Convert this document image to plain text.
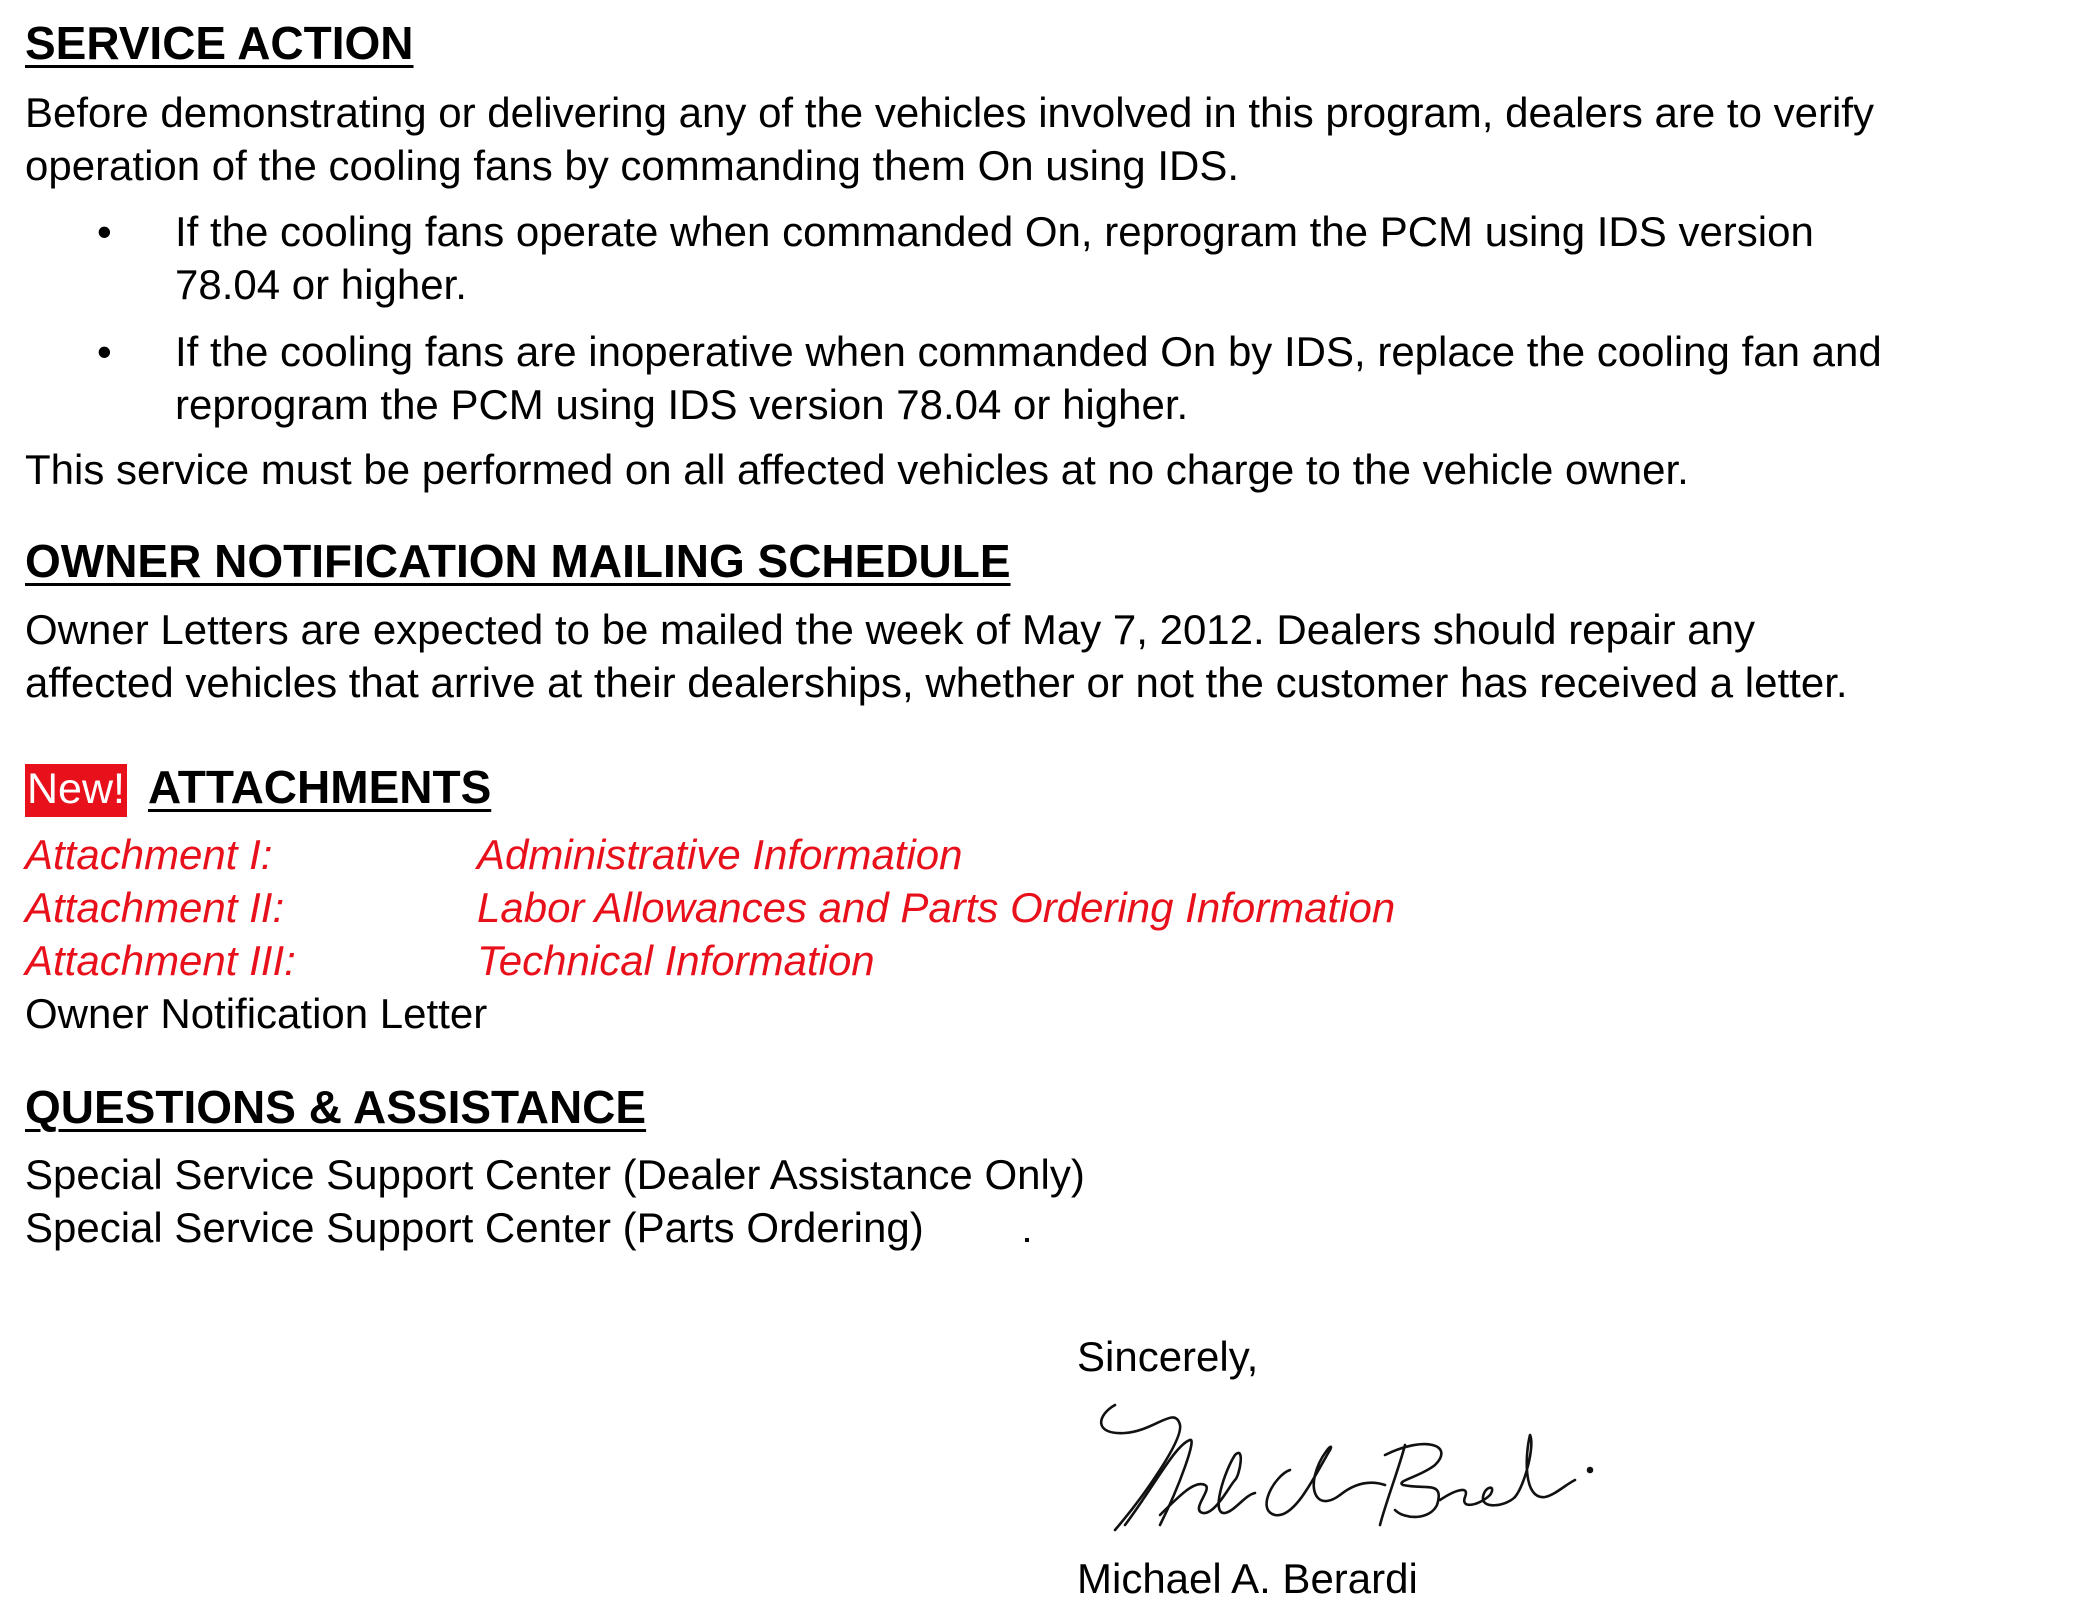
SERVICE ACTION
Before demonstrating or delivering any of the vehicles involved in this program, dealers are to verify
operation of the cooling fans by commanding them On using IDS.
• If the cooling fans operate when commanded On, reprogram the PCM using IDS version
78.04 or higher.
• If the cooling fans are inoperative when commanded On by IDS, replace the cooling fan and
reprogram the PCM using IDS version 78.04 or higher.
This service must be performed on all affected vehicles at no charge to the vehicle owner.
OWNER NOTIFICATION MAILING SCHEDULE
Owner Letters are expected to be mailed the week of May 7, 2012. Dealers should repair any
affected vehicles that arrive at their dealerships, whether or not the customer has received a letter.
New! ATTACHMENTS
Attachment I:	Administrative Information
Attachment II:	Labor Allowances and Parts Ordering Information
Attachment III:	Technical Information
Owner Notification Letter
QUESTIONS & ASSISTANCE
Special Service Support Center (Dealer Assistance Only)
Special Service Support Center (Parts Ordering)
Sincerely,
Michael A. Berardi
